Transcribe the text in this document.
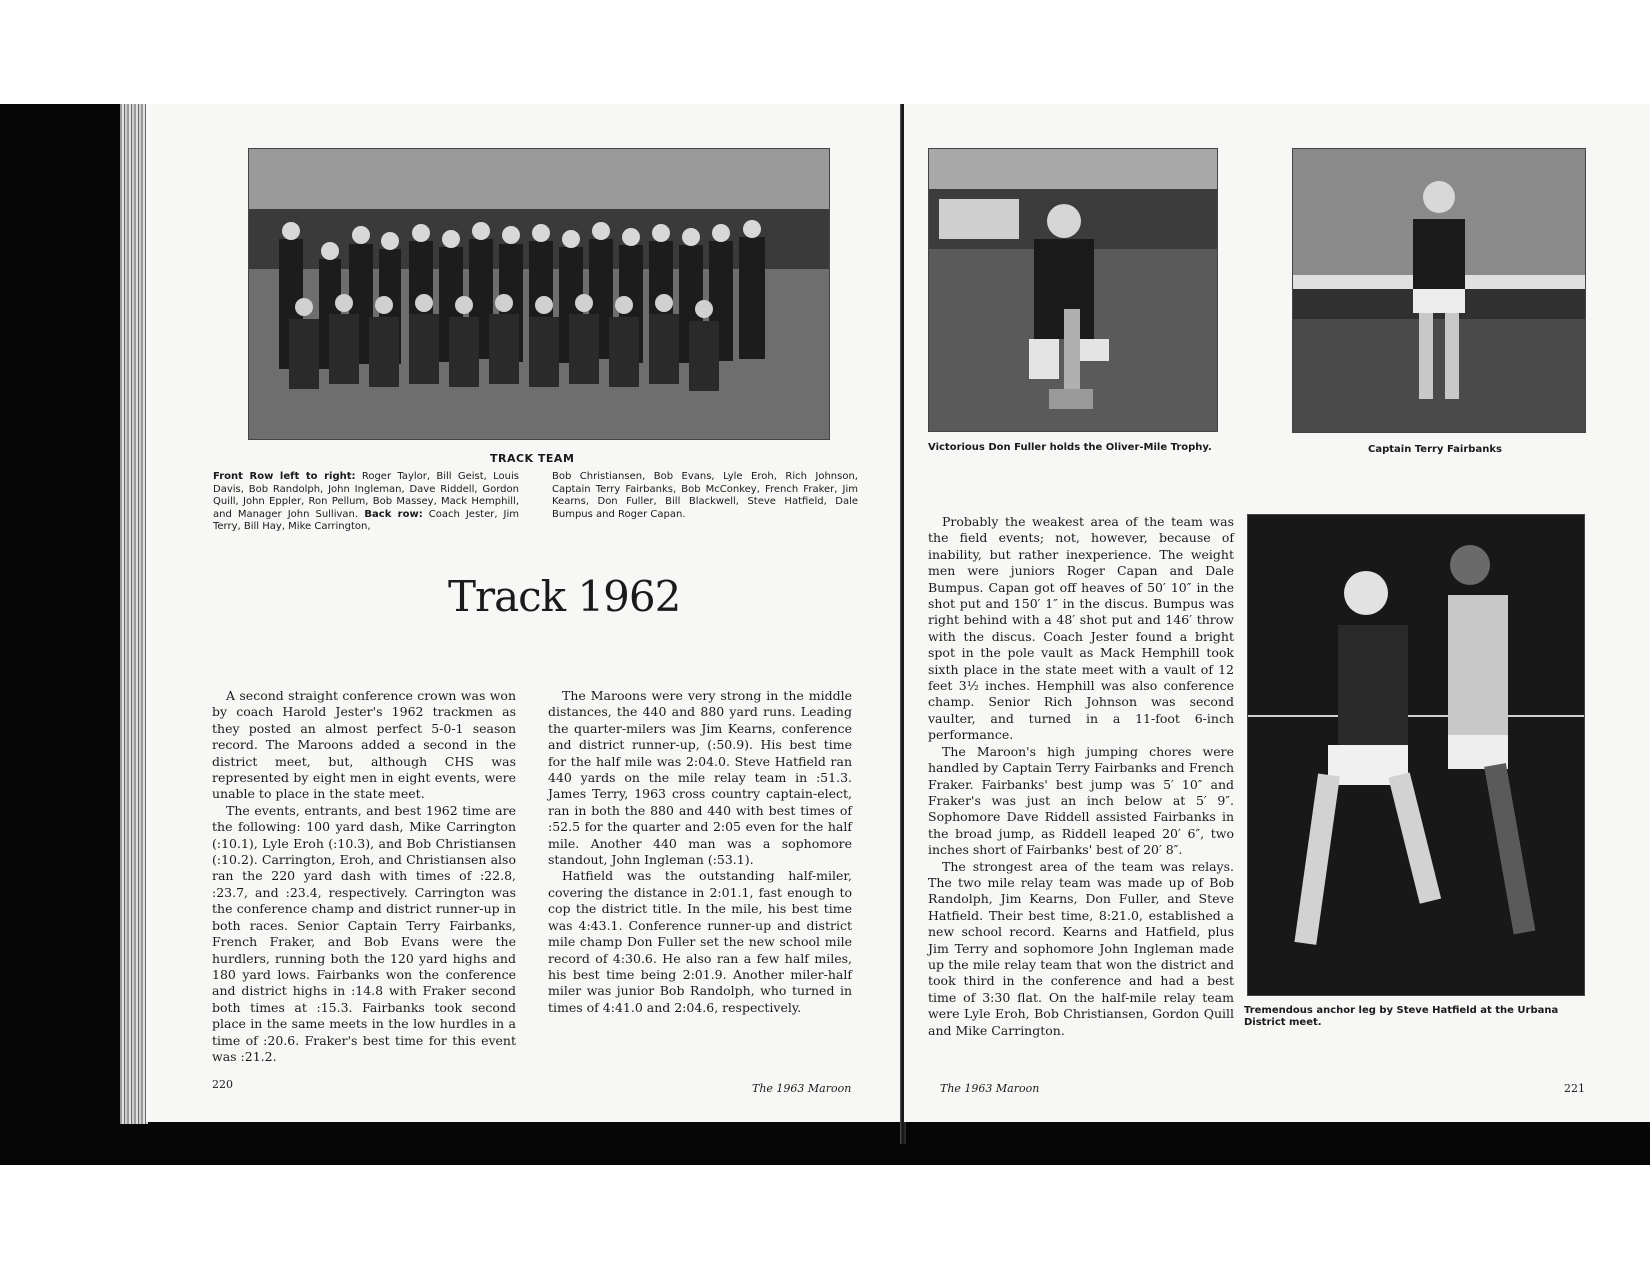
TRACK TEAM
Front Row left to right: Roger Taylor, Bill Geist, Louis Davis, Bob Randolph, John Ingleman, Dave Riddell, Gordon Quill, John Eppler, Ron Pellum, Bob Massey, Mack Hemphill, and Manager John Sullivan. Back row: Coach Jester, Jim Terry, Bill Hay, Mike Carrington,
Bob Christiansen, Bob Evans, Lyle Eroh, Rich Johnson, Captain Terry Fairbanks, Bob McConkey, French Fraker, Jim Kearns, Don Fuller, Bill Blackwell, Steve Hatfield, Dale Bumpus and Roger Capan.
Track 1962

A second straight conference crown was won by coach Harold Jester's 1962 trackmen as they posted an almost perfect 5-0-1 season record. The Maroons added a second in the district meet, but, although CHS was represented by eight men in eight events, were unable to place in the state meet.

The events, entrants, and best 1962 time are the following: 100 yard dash, Mike Carrington (:10.1), Lyle Eroh (:10.3), and Bob Christiansen (:10.2). Carrington, Eroh, and Christiansen also ran the 220 yard dash with times of :22.8, :23.7, and :23.4, respectively. Carrington was the conference champ and district runner-up in both races. Senior Captain Terry Fairbanks, French Fraker, and Bob Evans were the hurdlers, running both the 120 yard highs and 180 yard lows. Fairbanks won the conference and district highs in :14.8 with Fraker second both times at :15.3. Fairbanks took second place in the same meets in the low hurdles in a time of :20.6. Fraker's best time for this event was :21.2.

The Maroons were very strong in the middle distances, the 440 and 880 yard runs. Leading the quarter-milers was Jim Kearns, conference and district runner-up, (:50.9). His best time for the half mile was 2:04.0. Steve Hatfield ran 440 yards on the mile relay team in :51.3. James Terry, 1963 cross country captain-elect, ran in both the 880 and 440 with best times of :52.5 for the quarter and 2:05 even for the half mile. Another 440 man was a sophomore standout, John Ingleman (:53.1).

Hatfield was the outstanding half-miler, covering the distance in 2:01.1, fast enough to cop the district title. In the mile, his best time was 4:43.1. Conference runner-up and district mile champ Don Fuller set the new school mile record of 4:30.6. He also ran a few half miles, his best time being 2:01.9. Another miler-half miler was junior Bob Randolph, who turned in times of 4:41.0 and 2:04.6, respectively.

220	The 1963 Maroon
Victorious Don Fuller holds the Oliver-Mile Trophy.	Captain Terry Fairbanks

Probably the weakest area of the team was the field events; not, however, because of inability, but rather inexperience. The weight men were juniors Roger Capan and Dale Bumpus. Capan got off heaves of 50′ 10″ in the shot put and 150′ 1″ in the discus. Bumpus was right behind with a 48′ shot put and 146′ throw with the discus. Coach Jester found a bright spot in the pole vault as Mack Hemphill took sixth place in the state meet with a vault of 12 feet 3½ inches. Hemphill was also conference champ. Senior Rich Johnson was second vaulter, and turned in a 11-foot 6-inch performance.

The Maroon's high jumping chores were handled by Captain Terry Fairbanks and French Fraker. Fairbanks' best jump was 5′ 10″ and Fraker's was just an inch below at 5′ 9″. Sophomore Dave Riddell assisted Fairbanks in the broad jump, as Riddell leaped 20′ 6″, two inches short of Fairbanks' best of 20′ 8″.

The strongest area of the team was relays. The two mile relay team was made up of Bob Randolph, Jim Kearns, Don Fuller, and Steve Hatfield. Their best time, 8:21.0, established a new school record. Kearns and Hatfield, plus Jim Terry and sophomore John Ingleman made up the mile relay team that won the district and took third in the conference and had a best time of 3:30 flat. On the half-mile relay team were Lyle Eroh, Bob Christiansen, Gordon Quill and Mike Carrington.

Tremendous anchor leg by Steve Hatfield at the Urbana District meet.
The 1963 Maroon	221
